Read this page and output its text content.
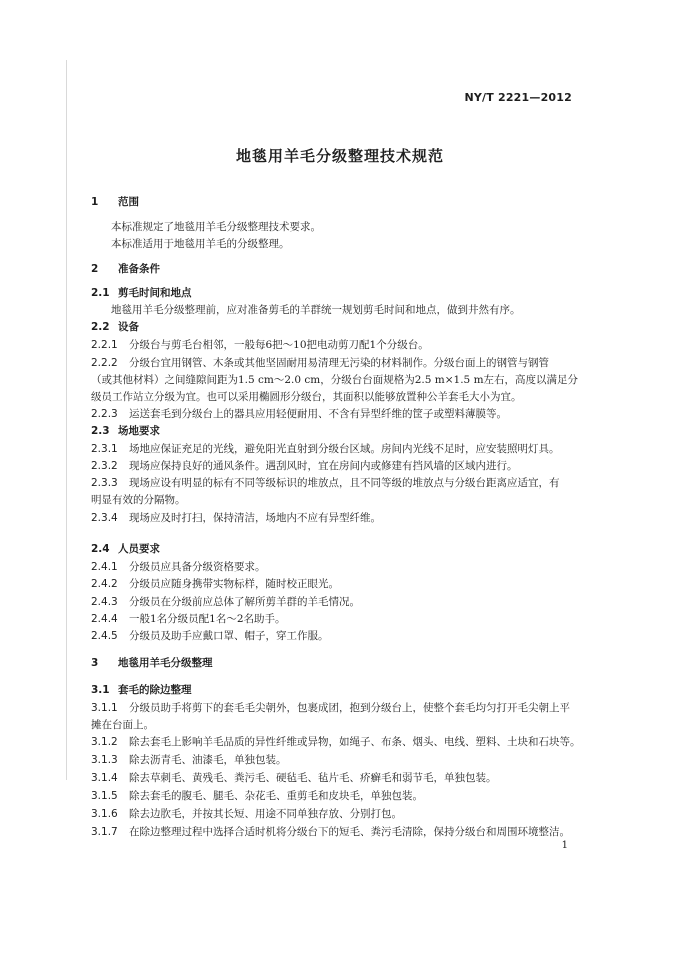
NY/T 2221—2012
地毯用羊毛分级整理技术规范
1 范围
本标准规定了地毯用羊毛分级整理技术要求。
本标准适用于地毯用羊毛的分级整理。
2 准备条件
2.1 剪毛时间和地点
地毯用羊毛分级整理前，应对准备剪毛的羊群统一规划剪毛时间和地点，做到井然有序。
2.2 设备
2.2.1 分级台与剪毛台相邻，一般每6把～10把电动剪刀配1个分级台。
2.2.2 分级台宜用钢管、木条或其他坚固耐用易清理无污染的材料制作。分级台面上的钢管与钢管
（或其他材料）之间缝隙间距为1.5 cm～2.0 cm，分级台台面规格为2.5 m×1.5 m左右，高度以满足分
级员工作站立分级为宜。也可以采用椭圆形分级台，其面积以能够放置种公羊套毛大小为宜。
2.2.3 运送套毛到分级台上的器具应用轻便耐用、不含有异型纤维的筐子或塑料薄膜等。
2.3 场地要求
2.3.1 场地应保证充足的光线，避免阳光直射到分级台区域。房间内光线不足时，应安装照明灯具。
2.3.2 现场应保持良好的通风条件。遇刮风时，宜在房间内或修建有挡风墙的区域内进行。
2.3.3 现场应设有明显的标有不同等级标识的堆放点，且不同等级的堆放点与分级台距离应适宜，有
明显有效的分隔物。
2.3.4 现场应及时打扫，保持清洁，场地内不应有异型纤维。
2.4 人员要求
2.4.1 分级员应具备分级资格要求。
2.4.2 分级员应随身携带实物标样，随时校正眼光。
2.4.3 分级员在分级前应总体了解所剪羊群的羊毛情况。
2.4.4 一般1名分级员配1名～2名助手。
2.4.5 分级员及助手应戴口罩、帽子，穿工作服。
3 地毯用羊毛分级整理
3.1 套毛的除边整理
3.1.1 分级员助手将剪下的套毛毛尖朝外，包裹成团，抱到分级台上，使整个套毛均匀打开毛尖朝上平
摊在台面上。
3.1.2 除去套毛上影响羊毛品质的异性纤维或异物，如绳子、布条、烟头、电线、塑料、土块和石块等。
3.1.3 除去沥青毛、油漆毛，单独包装。
3.1.4 除去草刺毛、黄残毛、粪污毛、硬毡毛、毡片毛、疥癣毛和弱节毛，单独包装。
3.1.5 除去套毛的腹毛、腿毛、杂花毛、重剪毛和皮块毛，单独包装。
3.1.6 除去边肷毛，并按其长短、用途不同单独存放、分别打包。
3.1.7 在除边整理过程中选择合适时机将分级台下的短毛、粪污毛清除，保持分级台和周围环境整洁。
1
